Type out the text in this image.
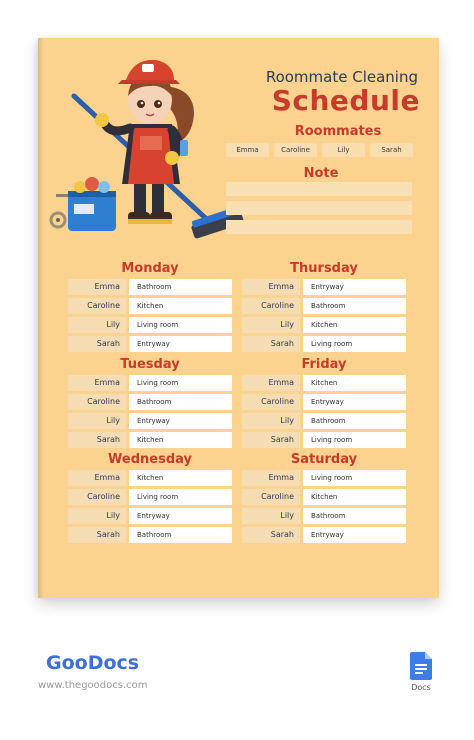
Roommate Cleaning
Schedule
Roommates
Emma	Caroline	Lily	Sarah
Note
Monday
Emma	Bathroom
Caroline	Kitchen
Lily	Living room
Sarah	Entryway
Thursday
Emma	Entryway
Caroline	Bathroom
Lily	Kitchen
Sarah	Living room
Tuesday
Emma	Living room
Caroline	Bathroom
Lily	Entryway
Sarah	Kitchen
Friday
Emma	Kitchen
Caroline	Entryway
Lily	Bathroom
Sarah	Living room
Wednesday
Emma	Kitchen
Caroline	Living room
Lily	Entryway
Sarah	Bathroom
Saturday
Emma	Living room
Caroline	Kitchen
Lily	Bathroom
Sarah	Entryway
GooDocs
www.thegoodocs.com	Docs
